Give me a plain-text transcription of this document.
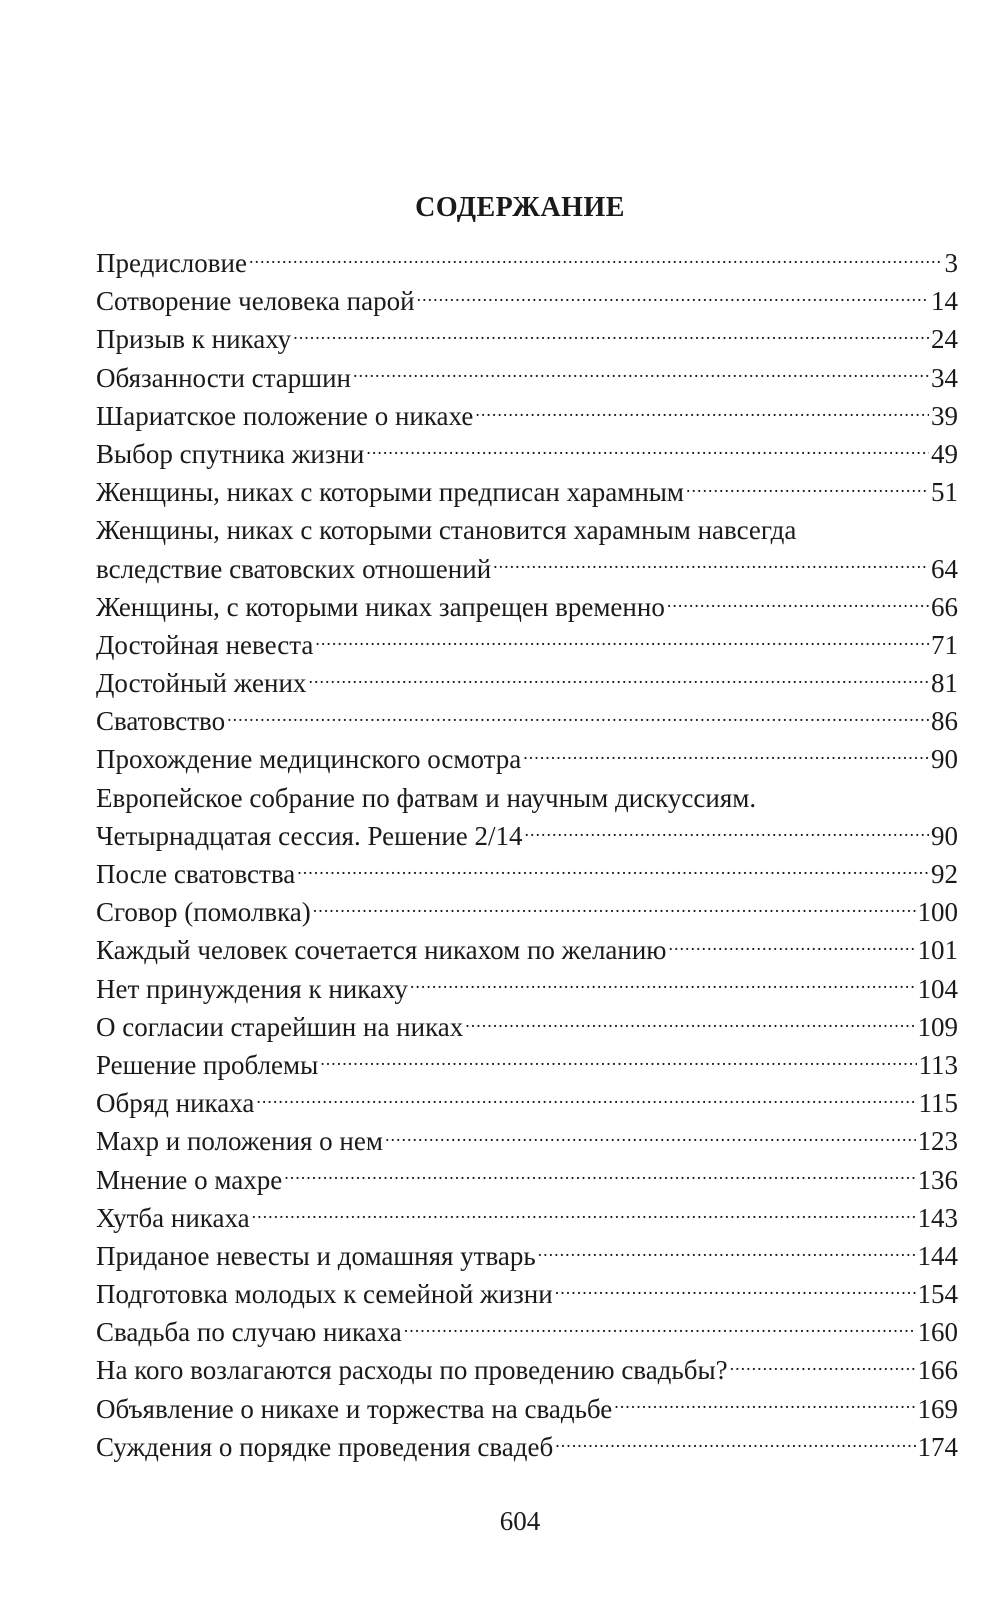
СОДЕРЖАНИЕ
Предисловие .....	3
Сотворение человека парой .....	14
Призыв к никаху .....	24
Обязанности старшин .....	34
Шариатское положение о никахе .....	39
Выбор спутника жизни .....	49
Женщины, никах с которыми предписан харамным .....	51
Женщины, никах с которыми становится харамным навсегда
вследствие сватовских отношений .....	64
Женщины, с которыми никах запрещен временно .....	66
Достойная невеста .....	71
Достойный жених .....	81
Сватовство .....	86
Прохождение медицинского осмотра .....	90
Европейское собрание по фатвам и научным дискуссиям.
Четырнадцатая сессия. Решение 2/14 .....	90
После сватовства .....	92
Сговор (помолвка) .....	100
Каждый человек сочетается никахом по желанию .....	101
Нет принуждения к никаху .....	104
О согласии старейшин на никах .....	109
Решение проблемы .....	113
Обряд никаха .....	115
Махр и положения о нем .....	123
Мнение о махре .....	136
Хутба никаха .....	143
Приданое невесты и домашняя утварь .....	144
Подготовка молодых к семейной жизни .....	154
Свадьба по случаю никаха .....	160
На кого возлагаются расходы по проведению свадьбы? .....	166
Объявление о никахе и торжества на свадьбе .....	169
Суждения о порядке проведения свадеб .....	174
604
